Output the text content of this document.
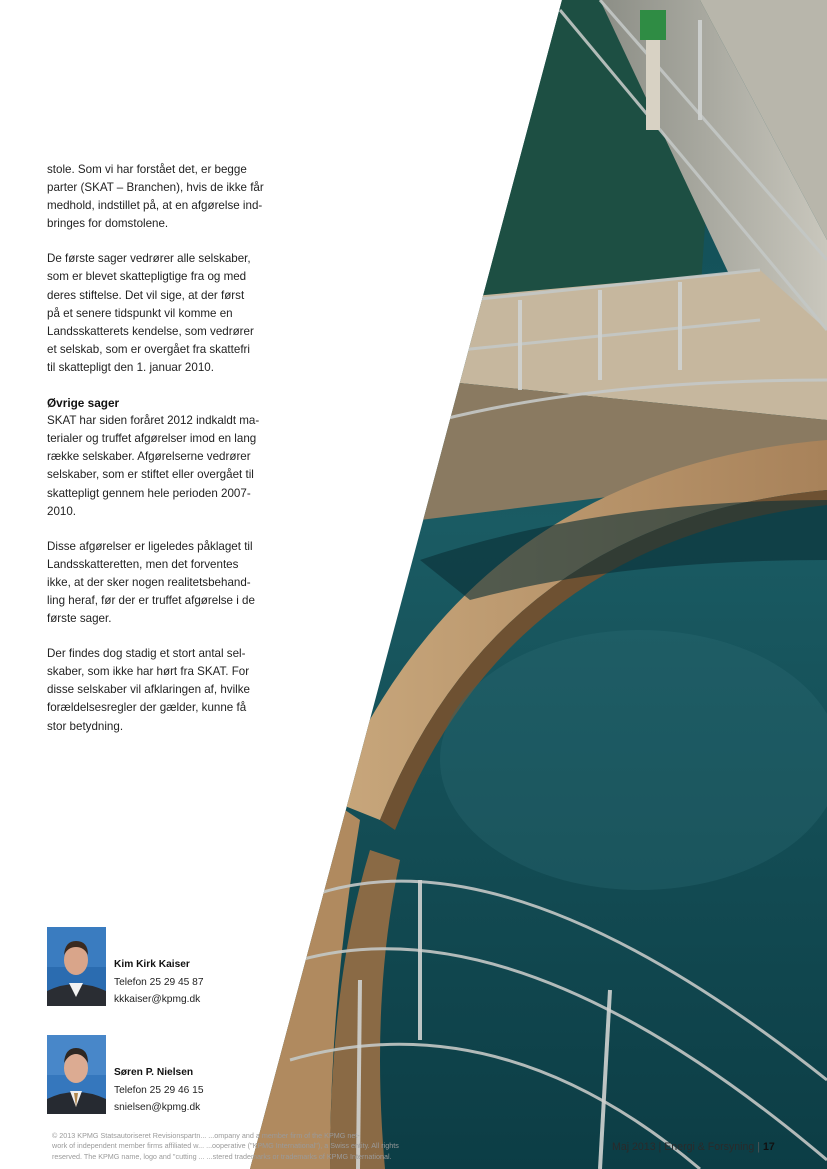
stole. Som vi har forstået det, er begge
parter (SKAT – Branchen), hvis de ikke får
medhold, indstillet på, at en afgørelse ind-
bringes for domstolene.

De første sager vedrører alle selskaber,
som er blevet skattepligtige fra og med
deres stiftelse. Det vil sige, at der først
på et senere tidspunkt vil komme en
Landsskatterets kendelse, som vedrører
et selskab, som er overgået fra skattefri
til skattepligt den 1. januar 2010.

Øvrige sager
SKAT har siden foråret 2012 indkaldt ma-
terialer og truffet afgørelser imod en lang
række selskaber. Afgørelserne vedrører
selskaber, som er stiftet eller overgået til
skattepligt gennem hele perioden 2007-
2010.

Disse afgørelser er ligeledes påklaget til
Landsskatteretten, men det forventes
ikke, at der sker nogen realitetsbehand-
ling heraf, før der er truffet afgørelse i de
første sager.

Der findes dog stadig et stort antal sel-
skaber, som ikke har hørt fra SKAT. For
disse selskaber vil afklaringen af, hvilke
forældelsesregler der gælder, kunne få
stor betydning.

Kim Kirk Kaiser
Telefon 25 29 45 87
kkkaiser@kpmg.dk
Søren P. Nielsen
Telefon 25 29 46 15
snielsen@kpmg.dk
© 2013 KPMG Statsautoriseret Revisionspartn... ...ompany and a member firm of the KPMG net-
work of independent member firms affiliated w... ...ooperative ("KPMG International"), a Swiss entity. All rights
reserved. The KPMG name, logo and "cutting ... ...stered trademarks or trademarks of KPMG International.
Maj 2013 | Energi & Forsyning | 17
